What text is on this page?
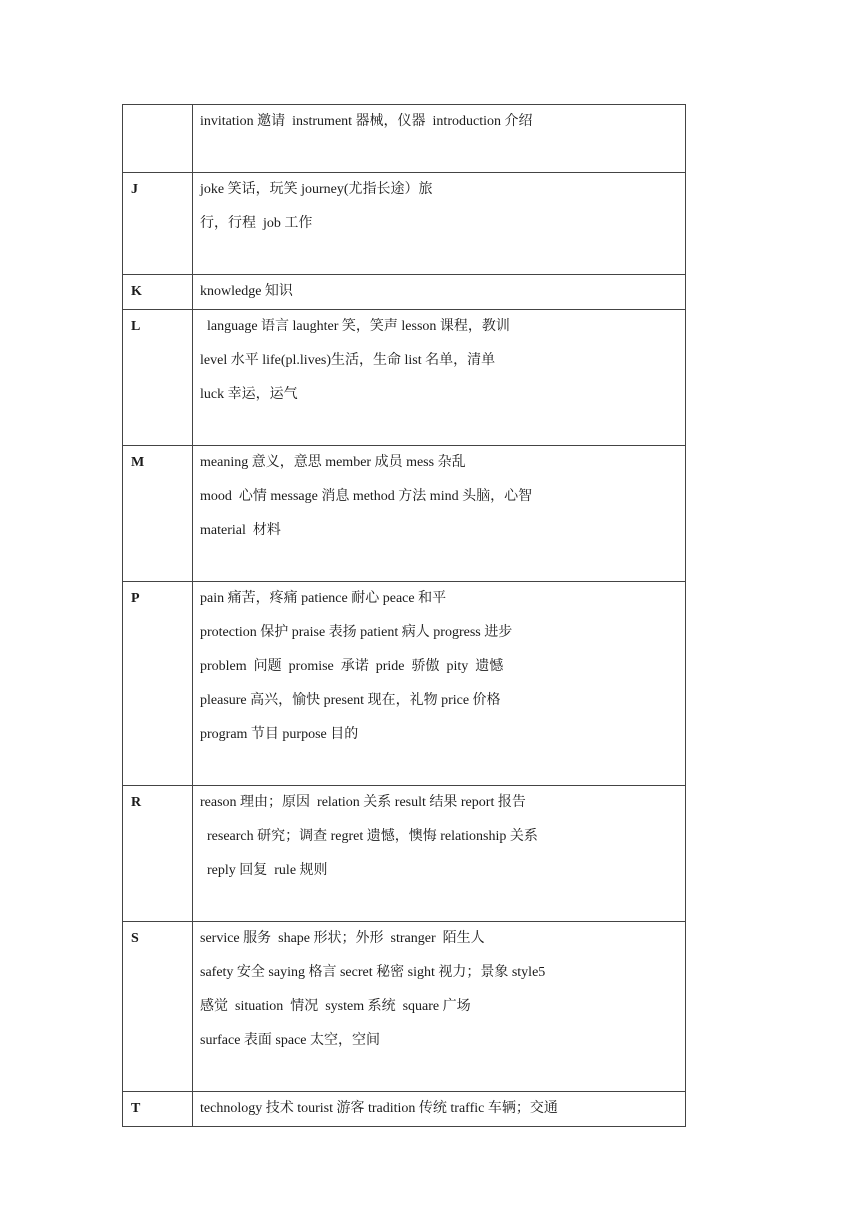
	invitation 邀请  instrument 器械，仪器  introduction 介绍

J	joke 笑话，玩笑 journey(尤指长途）旅
行，行程  job 工作

K	knowledge 知识

L	language 语言 laughter 笑，笑声 lesson 课程，教训
level 水平 life(pl.lives)生活，生命 list 名单，清单
luck 幸运，运气

M	meaning 意义，意思 member 成员 mess 杂乱
mood  心情 message 消息 method 方法 mind 头脑，心智
material  材料

P	pain 痛苦，疼痛 patience 耐心 peace 和平
protection 保护 praise 表扬 patient 病人 progress 进步
problem  问题  promise  承诺  pride  骄傲  pity  遗憾
pleasure 高兴，愉快 present 现在，礼物 price 价格
program 节目 purpose 目的

R	reason 理由；原因  relation 关系 result 结果 report 报告
research 研究；调查 regret 遗憾，懊悔 relationship 关系
reply 回复  rule 规则

S	service 服务  shape 形状；外形  stranger  陌生人
safety 安全 saying 格言 secret 秘密 sight 视力；景象 style5
感觉  situation  情况  system 系统  square 广场
surface 表面 space 太空，空间

T	technology 技术 tourist 游客 tradition 传统 traffic 车辆；交通
